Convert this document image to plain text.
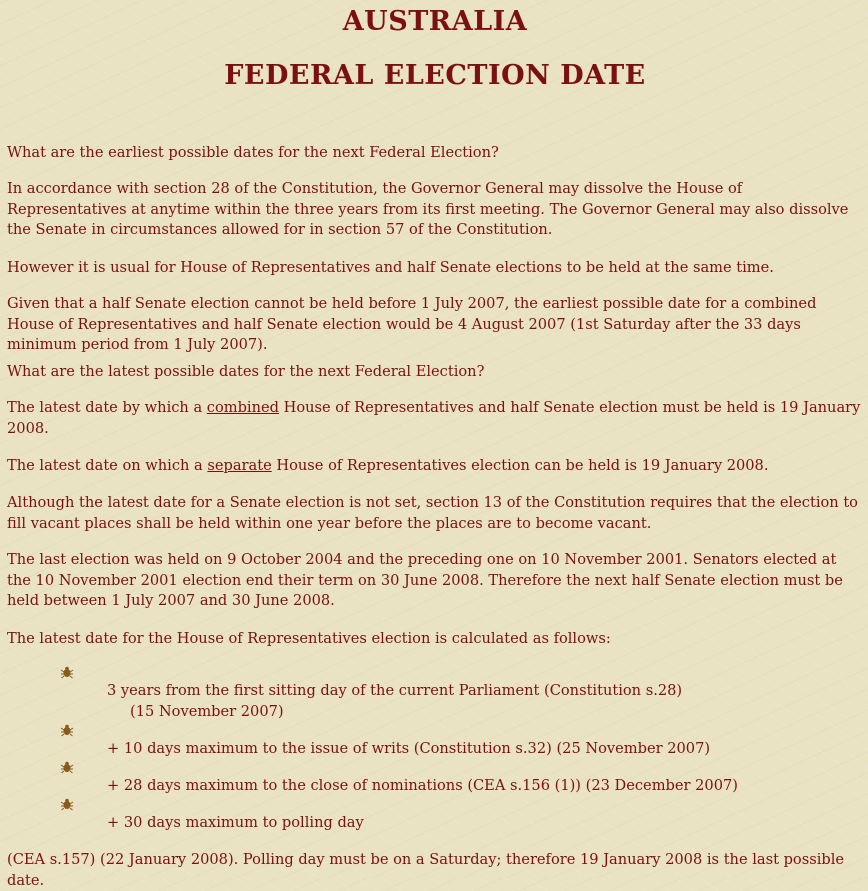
AUSTRALIA
FEDERAL ELECTION DATE

What are the earliest possible dates for the next Federal Election?

In accordance with section 28 of the Constitution, the Governor General may dissolve the House of Representatives at anytime within the three years from its first meeting. The Governor General may also dissolve the Senate in circumstances allowed for in section 57 of the Constitution.

However it is usual for House of Representatives and half Senate elections to be held at the same time.

Given that a half Senate election cannot be held before 1 July 2007, the earliest possible date for a combined House of Representatives and half Senate election would be 4 August 2007 (1st Saturday after the 33 days minimum period from 1 July 2007).

What are the latest possible dates for the next Federal Election?

The latest date by which a combined House of Representatives and half Senate election must be held is 19 January 2008.

The latest date on which a separate House of Representatives election can be held is 19 January 2008.

Although the latest date for a Senate election is not set, section 13 of the Constitution requires that the election to fill vacant places shall be held within one year before the places are to become vacant.

The last election was held on 9 October 2004 and the preceding one on 10 November 2001. Senators elected at the 10 November 2001 election end their term on 30 June 2008. Therefore the next half Senate election must be held between 1 July 2007 and 30 June 2008.

The latest date for the House of Representatives election is calculated as follows:

3 years from the first sitting day of the current Parliament (Constitution s.28)
(15 November 2007)
+ 10 days maximum to the issue of writs (Constitution s.32) (25 November 2007)
+ 28 days maximum to the close of nominations (CEA s.156 (1)) (23 December 2007)
+ 30 days maximum to polling day

(CEA s.157) (22 January 2008). Polling day must be on a Saturday; therefore 19 January 2008 is the last possible date.
